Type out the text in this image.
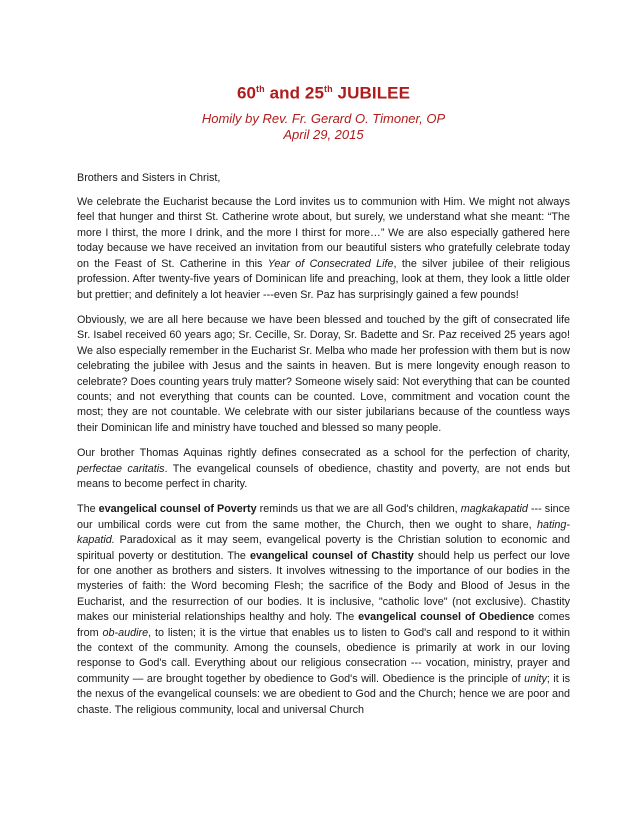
60th and 25th JUBILEE

Homily by Rev. Fr. Gerard O. Timoner, OP

April 29, 2015

Brothers and Sisters in Christ,

We celebrate the Eucharist because the Lord invites us to communion with Him. We might not always feel that hunger and thirst St. Catherine wrote about, but surely, we understand what she meant: “The more I thirst, the more I drink, and the more I thirst for more…” We are also especially gathered here today because we have received an invitation from our beautiful sisters who gratefully celebrate today on the Feast of St. Catherine in this Year of Consecrated Life, the silver jubilee of their religious profession. After twenty-five years of Dominican life and preaching, look at them, they look a little older but prettier; and definitely a lot heavier ---even Sr. Paz has surprisingly gained a few pounds!

Obviously, we are all here because we have been blessed and touched by the gift of consecrated life Sr. Isabel received 60 years ago; Sr. Cecille, Sr. Doray, Sr. Badette and Sr. Paz received 25 years ago! We also especially remember in the Eucharist Sr. Melba who made her profession with them but is now celebrating the jubilee with Jesus and the saints in heaven. But is mere longevity enough reason to celebrate? Does counting years truly matter? Someone wisely said: Not everything that can be counted counts; and not everything that counts can be counted. Love, commitment and vocation count the most; they are not countable. We celebrate with our sister jubilarians because of the countless ways their Dominican life and ministry have touched and blessed so many people.

Our brother Thomas Aquinas rightly defines consecrated as a school for the perfection of charity, perfectae caritatis. The evangelical counsels of obedience, chastity and poverty, are not ends but means to become perfect in charity.

The evangelical counsel of Poverty reminds us that we are all God's children, magkakapatid --- since our umbilical cords were cut from the same mother, the Church, then we ought to share, hating-kapatid. Paradoxical as it may seem, evangelical poverty is the Christian solution to economic and spiritual poverty or destitution. The evangelical counsel of Chastity should help us perfect our love for one another as brothers and sisters. It involves witnessing to the importance of our bodies in the mysteries of faith: the Word becoming Flesh; the sacrifice of the Body and Blood of Jesus in the Eucharist, and the resurrection of our bodies. It is inclusive, "catholic love" (not exclusive). Chastity makes our ministerial relationships healthy and holy. The evangelical counsel of Obedience comes from ob-audire, to listen; it is the virtue that enables us to listen to God's call and respond to it within the context of the community. Among the counsels, obedience is primarily at work in our loving response to God's call. Everything about our religious consecration --- vocation, ministry, prayer and community — are brought together by obedience to God's will. Obedience is the principle of unity; it is the nexus of the evangelical counsels: we are obedient to God and the Church; hence we are poor and chaste. The religious community, local and universal Church
